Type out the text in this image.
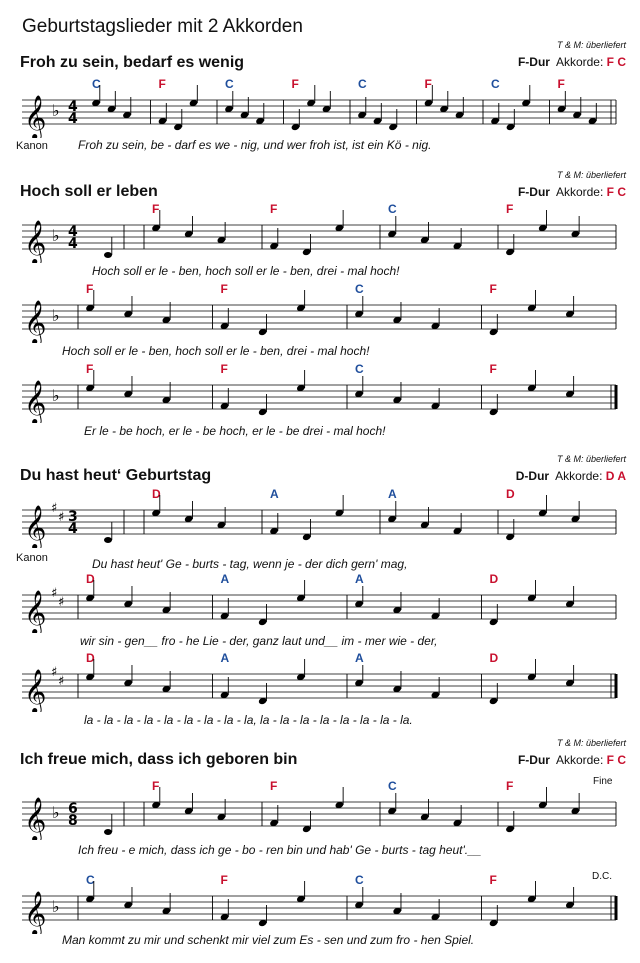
Geburtstagslieder mit 2 Akkorden
Froh zu sein, bedarf es wenig
T & M: überliefert
F-Dur Akkorde: F C
𝄞 ♭ 4
4
C	F	C	F	C	F	C	F
Kanon	Froh zu sein, be - darf es we - nig, und wer froh ist, ist ein Kö - nig.
T & M: überliefert
Hoch soll er leben	F-Dur Akkorde: F C
𝄞 ♭ 4
4
F	F	C	F
Hoch soll er le - ben, hoch soll er le - ben, drei - mal hoch!
𝄞 ♭
F	F	C	F
Hoch soll er le - ben, hoch soll er le - ben, drei - mal hoch!
𝄞 ♭
F	F	C	F
Er le - be hoch, er le - be hoch, er le - be drei - mal hoch!
T & M: überliefert
Du hast heut‘ Geburtstag	D-Dur Akkorde: D A
𝄞 ♯
♯ 3
4
D	A	A	D
Kanon	Du hast heut' Ge - burts - tag, wenn je - der dich gern' mag,
𝄞 ♯
♯
D	A	A	D
wir sin - gen__ fro - he Lie - der, ganz laut und__ im - mer wie - der,
𝄞 ♯
♯
D	A	A	D
la - la - la - la - la - la - la - la - la, la - la - la - la - la - la - la - la.
T & M: überliefert
Ich freue mich, dass ich geboren bin	F-Dur Akkorde: F C
Fine
𝄞 ♭ 6
8
F	F	C	F
Ich freu - e mich, dass ich ge - bo - ren bin und hab' Ge - burts - tag heut'.__
D.C.
𝄞 ♭
C	F	C	F
Man kommt zu mir und schenkt mir viel zum Es - sen und zum fro - hen Spiel.
